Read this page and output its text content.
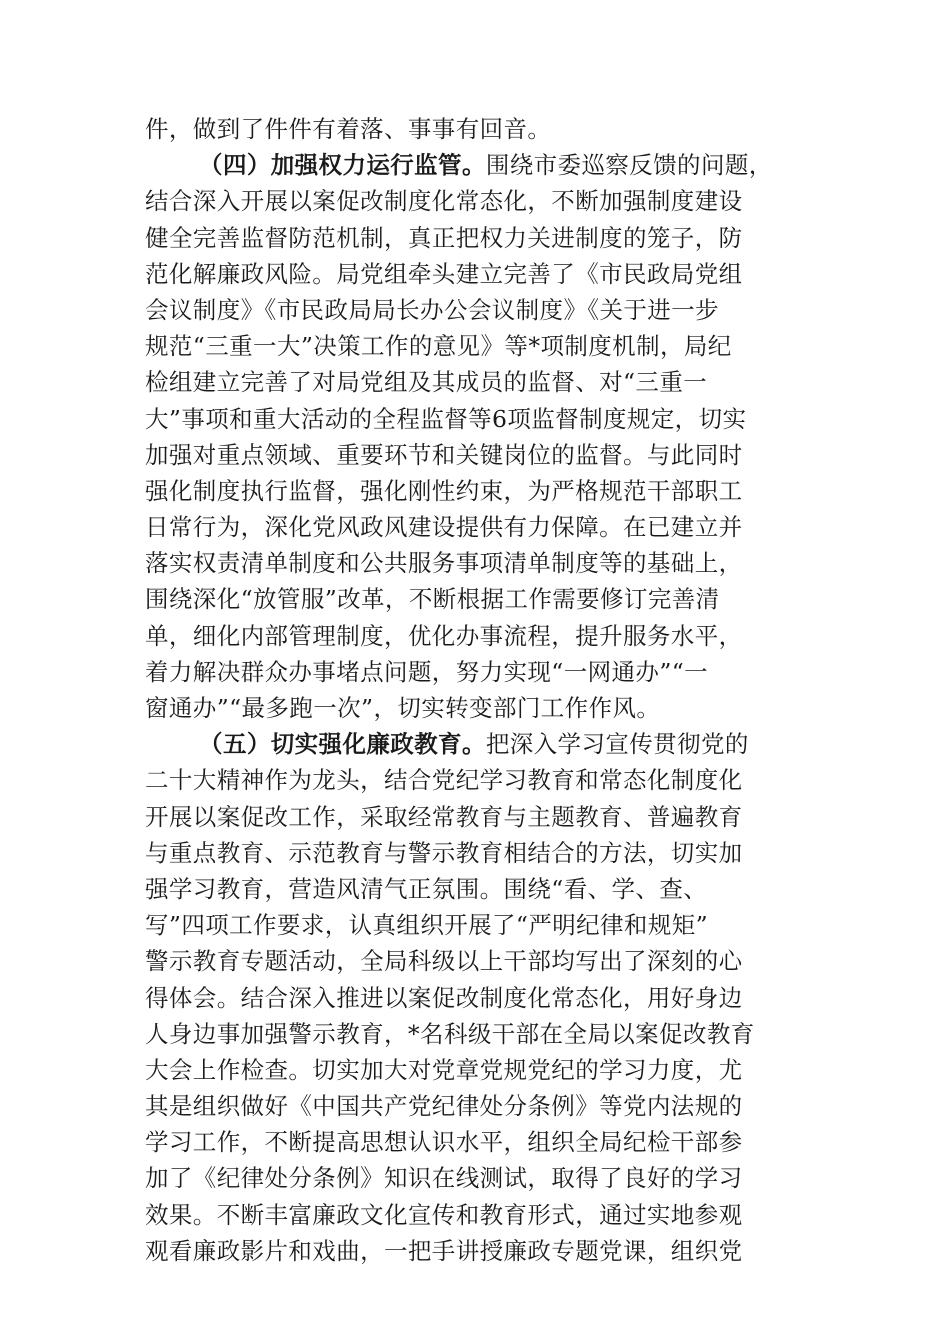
件，做到了件件有着落、事事有回音。
（四）加强权力运行监管。围绕市委巡察反馈的问题，
结合深入开展以案促改制度化常态化，不断加强制度建设
健全完善监督防范机制，真正把权力关进制度的笼子，防
范化解廉政风险。局党组牵头建立完善了《市民政局党组
会议制度》《市民政局局长办公会议制度》《关于进一步
规范“三重一大”决策工作的意见》等*项制度机制，局纪
检组建立完善了对局党组及其成员的监督、对“三重一
大”事项和重大活动的全程监督等6项监督制度规定，切实
加强对重点领域、重要环节和关键岗位的监督。与此同时
强化制度执行监督，强化刚性约束，为严格规范干部职工
日常行为，深化党风政风建设提供有力保障。在已建立并
落实权责清单制度和公共服务事项清单制度等的基础上，
围绕深化“放管服”改革，不断根据工作需要修订完善清
单，细化内部管理制度，优化办事流程，提升服务水平，
着力解决群众办事堵点问题，努力实现“一网通办”“一
窗通办”“最多跑一次”，切实转变部门工作作风。
（五）切实强化廉政教育。把深入学习宣传贯彻党的
二十大精神作为龙头，结合党纪学习教育和常态化制度化
开展以案促改工作，采取经常教育与主题教育、普遍教育
与重点教育、示范教育与警示教育相结合的方法，切实加
强学习教育，营造风清气正氛围。围绕“看、学、查、
写”四项工作要求，认真组织开展了“严明纪律和规矩”
警示教育专题活动，全局科级以上干部均写出了深刻的心
得体会。结合深入推进以案促改制度化常态化，用好身边
人身边事加强警示教育，*名科级干部在全局以案促改教育
大会上作检查。切实加大对党章党规党纪的学习力度，尤
其是组织做好《中国共产党纪律处分条例》等党内法规的
学习工作，不断提高思想认识水平，组织全局纪检干部参
加了《纪律处分条例》知识在线测试，取得了良好的学习
效果。不断丰富廉政文化宣传和教育形式，通过实地参观
观看廉政影片和戏曲，一把手讲授廉政专题党课，组织党
